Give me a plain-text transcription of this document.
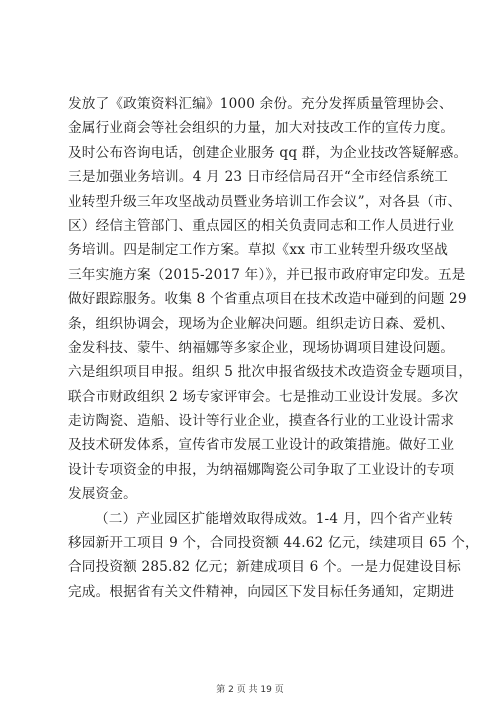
发放了《政策资料汇编》1000 余份。充分发挥质量管理协会、
金属行业商会等社会组织的力量，加大对技改工作的宣传力度。
及时公布咨询电话，创建企业服务 qq 群，为企业技改答疑解惑。
三是加强业务培训。4 月 23 日市经信局召开“全市经信系统工
业转型升级三年攻坚战动员暨业务培训工作会议”，对各县（市、
区）经信主管部门、重点园区的相关负责同志和工作人员进行业
务培训。四是制定工作方案。草拟《xx 市工业转型升级攻坚战
三年实施方案（2015-2017 年）》，并已报市政府审定印发。五是
做好跟踪服务。收集 8 个省重点项目在技术改造中碰到的问题 29
条，组织协调会，现场为企业解决问题。组织走访日森、爱机、
金发科技、蒙牛、纳福娜等多家企业，现场协调项目建设问题。
六是组织项目申报。组织 5 批次申报省级技术改造资金专题项目，
联合市财政组织 2 场专家评审会。七是推动工业设计发展。多次
走访陶瓷、造船、设计等行业企业，摸查各行业的工业设计需求
及技术研发体系，宣传省市发展工业设计的政策措施。做好工业
设计专项资金的申报，为纳福娜陶瓷公司争取了工业设计的专项
发展资金。
（二）产业园区扩能增效取得成效。1-4 月，四个省产业转
移园新开工项目 9 个，合同投资额 44.62 亿元，续建项目 65 个，
合同投资额 285.82 亿元；新建成项目 6 个。一是力促建设目标
完成。根据省有关文件精神，向园区下发目标任务通知，定期进
第 2 页 共 19 页
